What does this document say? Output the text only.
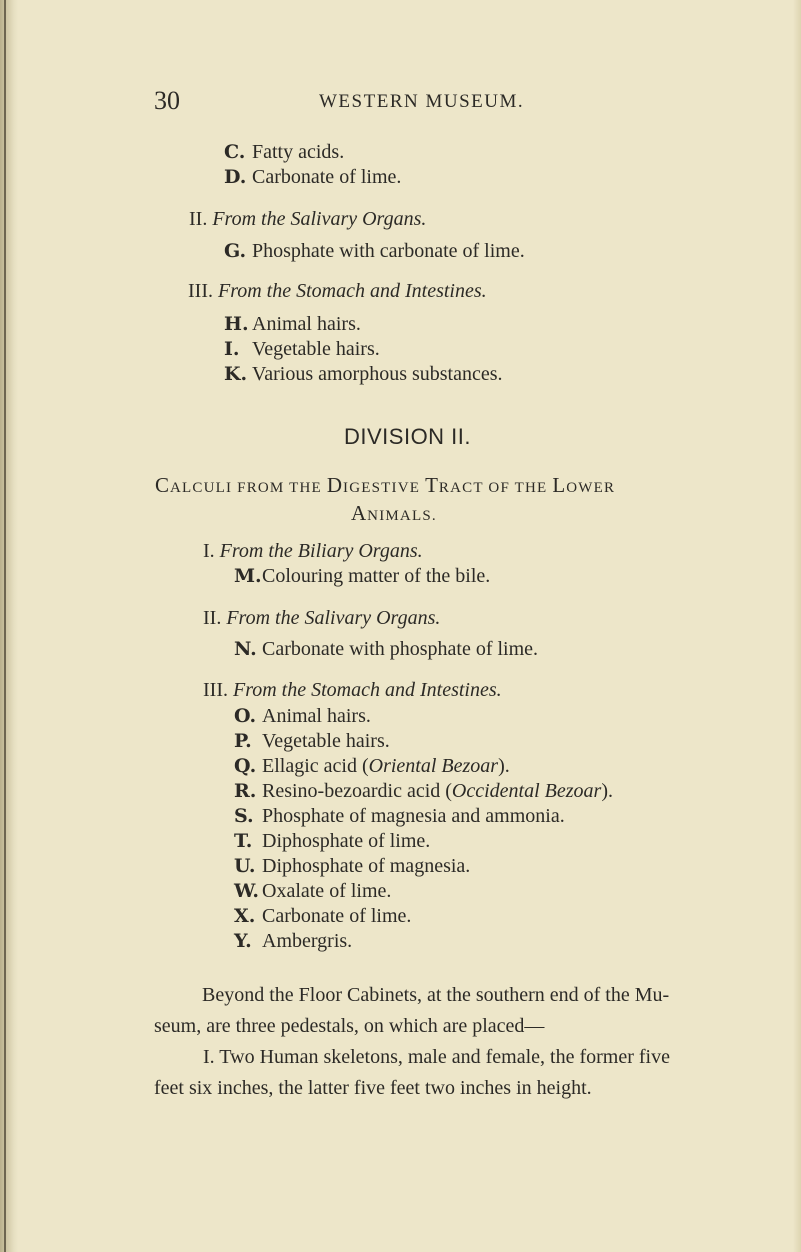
30	WESTERN MUSEUM.
C. Fatty acids.
D. Carbonate of lime.
II. From the Salivary Organs.
G. Phosphate with carbonate of lime.
III. From the Stomach and Intestines.
H. Animal hairs.
I. Vegetable hairs.
K. Various amorphous substances.
DIVISION II.
CALCULI FROM THE DIGESTIVE TRACT OF THE LOWER
ANIMALS.
I. From the Biliary Organs.
M.Colouring matter of the bile.
II. From the Salivary Organs.
N. Carbonate with phosphate of lime.
III. From the Stomach and Intestines.
O. Animal hairs.
P. Vegetable hairs.
Q. Ellagic acid (Oriental Bezoar).
R. Resino-bezoardic acid (Occidental Bezoar).
S. Phosphate of magnesia and ammonia.
T. Diphosphate of lime.
U. Diphosphate of magnesia.
W. Oxalate of lime.
X. Carbonate of lime.
Y. Ambergris.
Beyond the Floor Cabinets, at the southern end of the Mu-
seum, are three pedestals, on which are placed—
I. Two Human skeletons, male and female, the former five
feet six inches, the latter five feet two inches in height.
